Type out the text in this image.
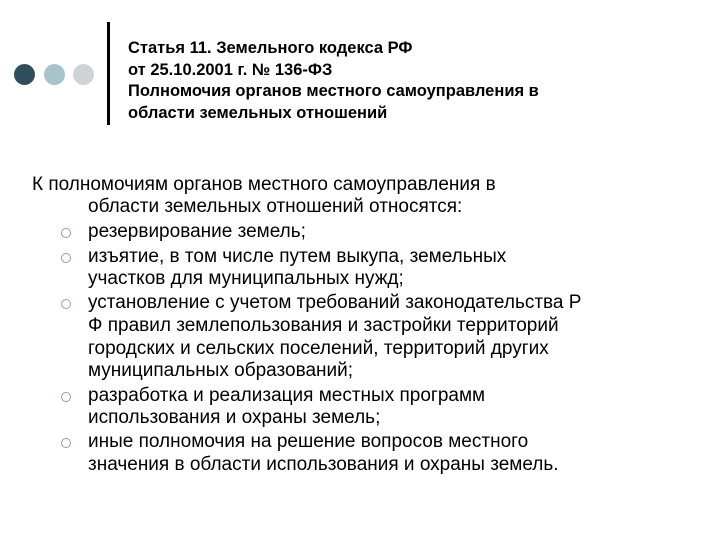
Статья 11. Земельного кодекса РФ
от 25.10.2001 г. № 136-ФЗ
Полномочия органов местного самоуправления в
области земельных отношений
К полномочиям органов местного самоуправления в
области земельных отношений относятся:
резервирование земель;
изъятие, в том числе путем выкупа, земельных
участков для муниципальных нужд;
установление с учетом требований законодательства Р
Ф правил землепользования и застройки территорий
городских и сельских поселений, территорий других
муниципальных образований;
разработка и реализация местных программ
использования и охраны земель;
иные полномочия на решение вопросов местного
значения в области использования и охраны земель.
